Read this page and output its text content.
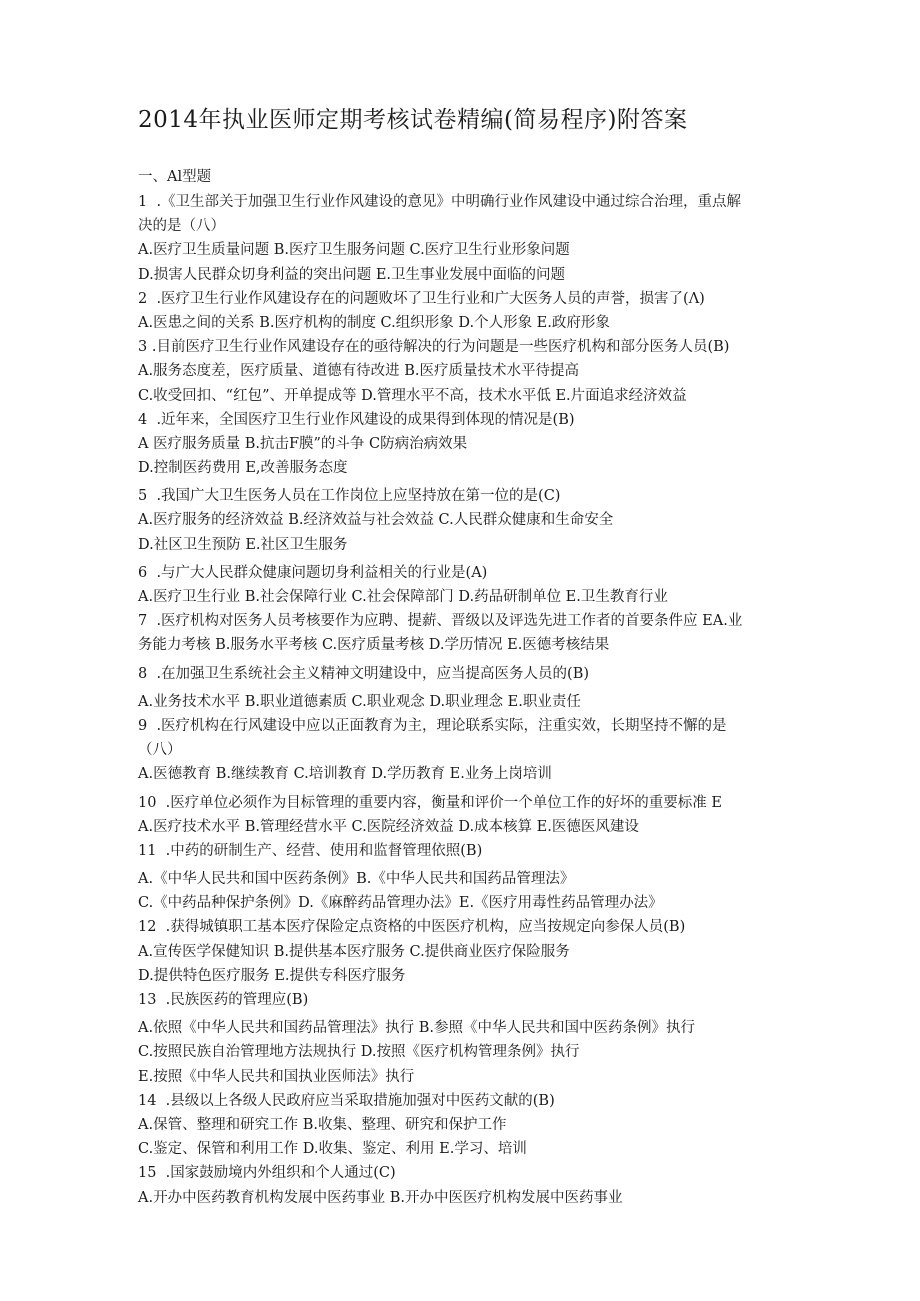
2014年执业医师定期考核试卷精编(简易程序)附答案
一、Al型题
1  .《卫生部关于加强卫生行业作风建设的意见》中明确行业作风建设中通过综合治理，重点解
决的是（八）
A.医疗卫生质量问题 B.医疗卫生服务问题 C.医疗卫生行业形象问题
D.损害人民群众切身利益的突出问题 E.卫生事业发展中面临的问题
2  .医疗卫生行业作风建设存在的问题败坏了卫生行业和广大医务人员的声誉，损害了(Λ)
A.医患之间的关系 B.医疗机构的制度 C.组织形象 D.个人形象 E.政府形象
3 .目前医疗卫生行业作风建设存在的亟待解决的行为问题是一些医疗机构和部分医务人员(B)
A.服务态度差，医疗质量、道德有待改进 B.医疗质量技术水平待提高
C.收受回扣、“红包”、开单提成等 D.管理水平不高，技术水平低 E.片面追求经济效益
4  .近年来，全国医疗卫生行业作风建设的成果得到体现的情况是(B)
A 医疗服务质量 B.抗击F膜”的斗争 C防病治病效果
D.控制医药费用 E,改善服务态度
5  .我国广大卫生医务人员在工作岗位上应坚持放在第一位的是(C)
A.医疗服务的经济效益 B.经济效益与社会效益 C.人民群众健康和生命安全
D.社区卫生预防 E.社区卫生服务
6  .与广大人民群众健康问题切身利益相关的行业是(A)
A.医疗卫生行业 B.社会保障行业 C.社会保障部门 D.药品研制单位 E.卫生教育行业
7  .医疗机构对医务人员考核要作为应聘、提薪、晋级以及评选先进工作者的首要条件应 EA.业
务能力考核 B.服务水平考核 C.医疗质量考核 D.学历情况 E.医德考核结果
8  .在加强卫生系统社会主义精神文明建设中，应当提高医务人员的(B)
A.业务技术水平 B.职业道德素质 C.职业观念 D.职业理念 E.职业责任
9  .医疗机构在行风建设中应以正面教育为主，理论联系实际，注重实效，长期坚持不懈的是
（八）
A.医德教育 B.继续教育 C.培训教育 D.学历教育 E.业务上岗培训
10  .医疗单位必须作为目标管理的重要内容，衡量和评价一个单位工作的好坏的重要标准 E
A.医疗技术水平 B.管理经营水平 C.医院经济效益 D.成本核算 E.医德医风建设
11  .中药的研制生产、经营、使用和监督管理依照(B)
A.《中华人民共和国中医药条例》B.《中华人民共和国药品管理法》
C.《中药品种保护条例》D.《麻醉药品管理办法》E.《医疗用毒性药品管理办法》
12  .获得城镇职工基本医疗保险定点资格的中医医疗机构，应当按规定向参保人员(B)
A.宣传医学保健知识 B.提供基本医疗服务 C.提供商业医疗保险服务
D.提供特色医疗服务 E.提供专科医疗服务
13  .民族医药的管理应(B)
A.依照《中华人民共和国药品管理法》执行 B.参照《中华人民共和国中医药条例》执行
C.按照民族自治管理地方法规执行 D.按照《医疗机构管理条例》执行
E.按照《中华人民共和国执业医师法》执行
14  .县级以上各级人民政府应当采取措施加强对中医药文献的(B)
A.保管、整理和研究工作 B.收集、整理、研究和保护工作
C.鉴定、保管和利用工作 D.收集、鉴定、利用 E.学习、培训
15  .国家鼓励境内外组织和个人通过(C)
A.开办中医药教育机构发展中医药事业 B.开办中医医疗机构发展中医药事业
